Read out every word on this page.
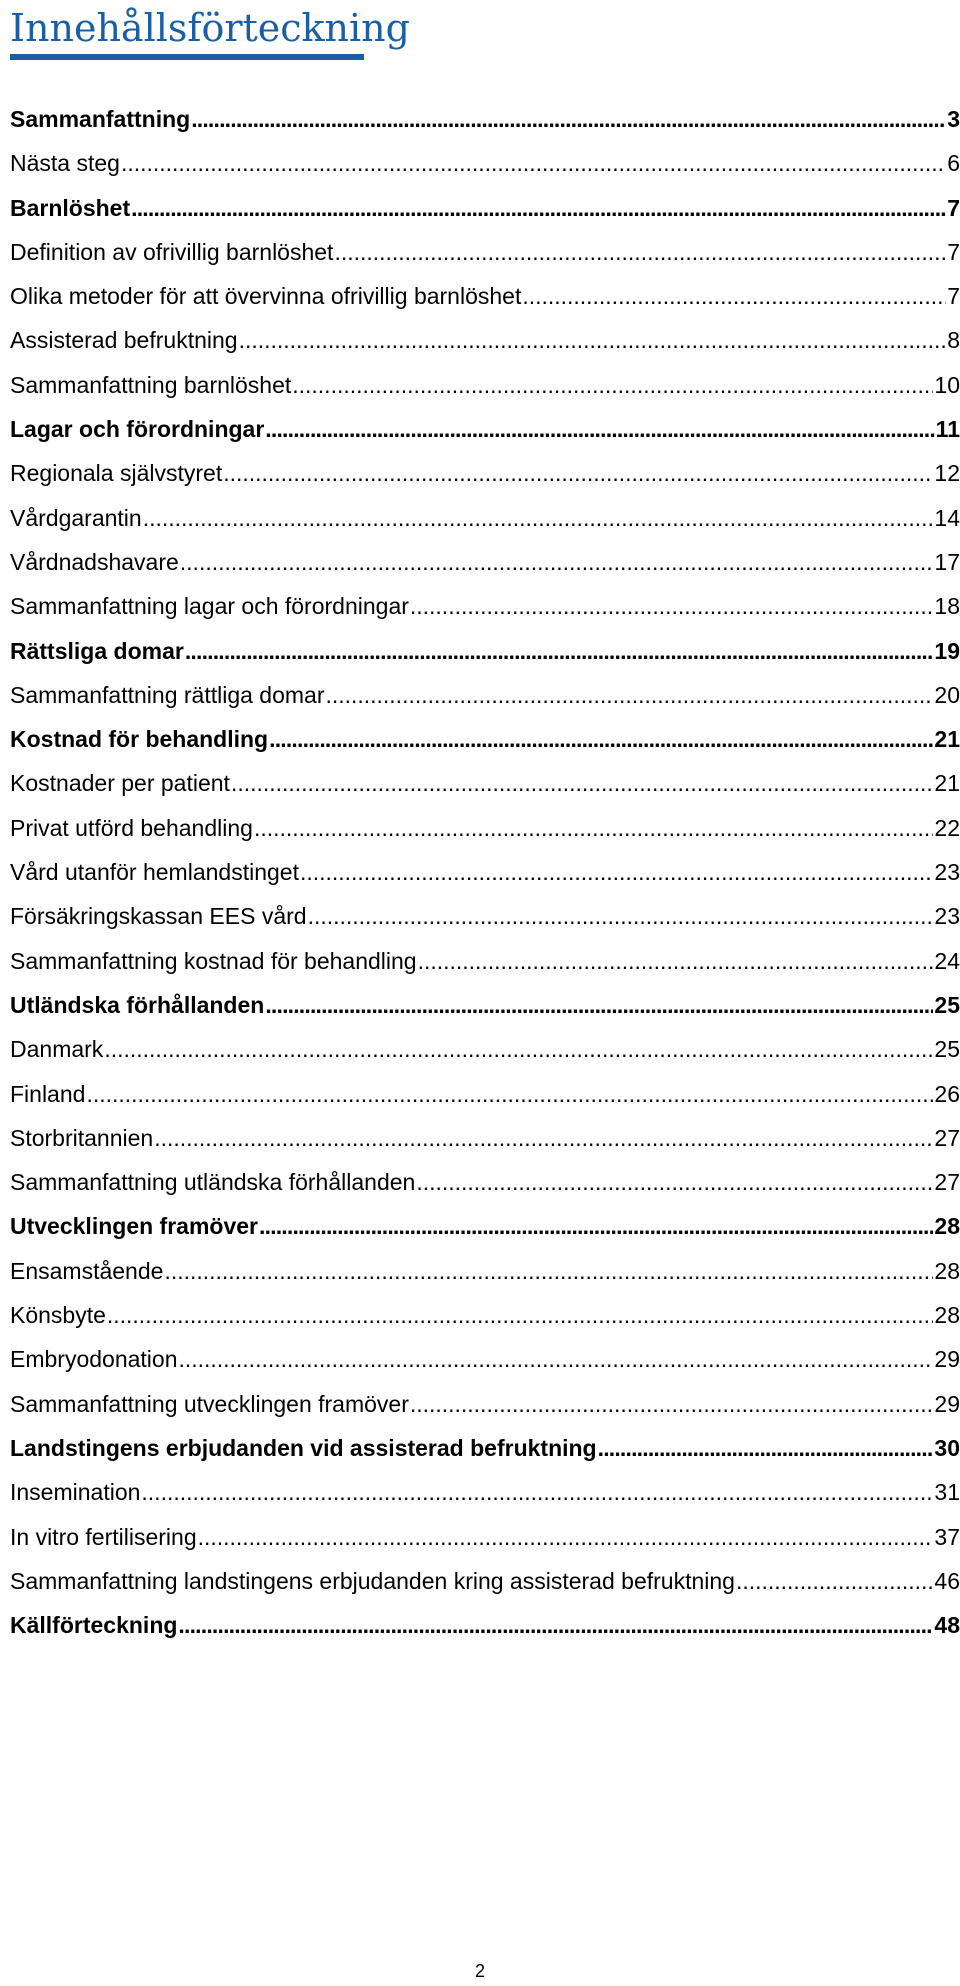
Innehållsförteckning
Sammanfattning . . .	3
Nästa steg . . .	6
Barnlöshet . . .	7
Definition av ofrivillig barnlöshet . . .	7
Olika metoder för att övervinna ofrivillig barnlöshet . . .	7
Assisterad befruktning . . .	8
Sammanfattning barnlöshet . . .	10
Lagar och förordningar . . .	11
Regionala självstyret . . .	12
Vårdgarantin . . .	14
Vårdnadshavare . . .	17
Sammanfattning lagar och förordningar . . .	18
Rättsliga domar . . .	19
Sammanfattning rättliga domar . . .	20
Kostnad för behandling . . .	21
Kostnader per patient . . .	21
Privat utförd behandling . . .	22
Vård utanför hemlandstinget . . .	23
Försäkringskassan EES vård . . .	23
Sammanfattning kostnad för behandling . . .	24
Utländska förhållanden . . .	25
Danmark . . .	25
Finland . . .	26
Storbritannien . . .	27
Sammanfattning utländska förhållanden . . .	27
Utvecklingen framöver . . .	28
Ensamstående . . .	28
Könsbyte . . .	28
Embryodonation . . .	29
Sammanfattning utvecklingen framöver . . .	29
Landstingens erbjudanden vid assisterad befruktning . . .	30
Insemination . . .	31
In vitro fertilisering . . .	37
Sammanfattning landstingens erbjudanden kring assisterad befruktning . . .	46
Källförteckning . . .	48
2
